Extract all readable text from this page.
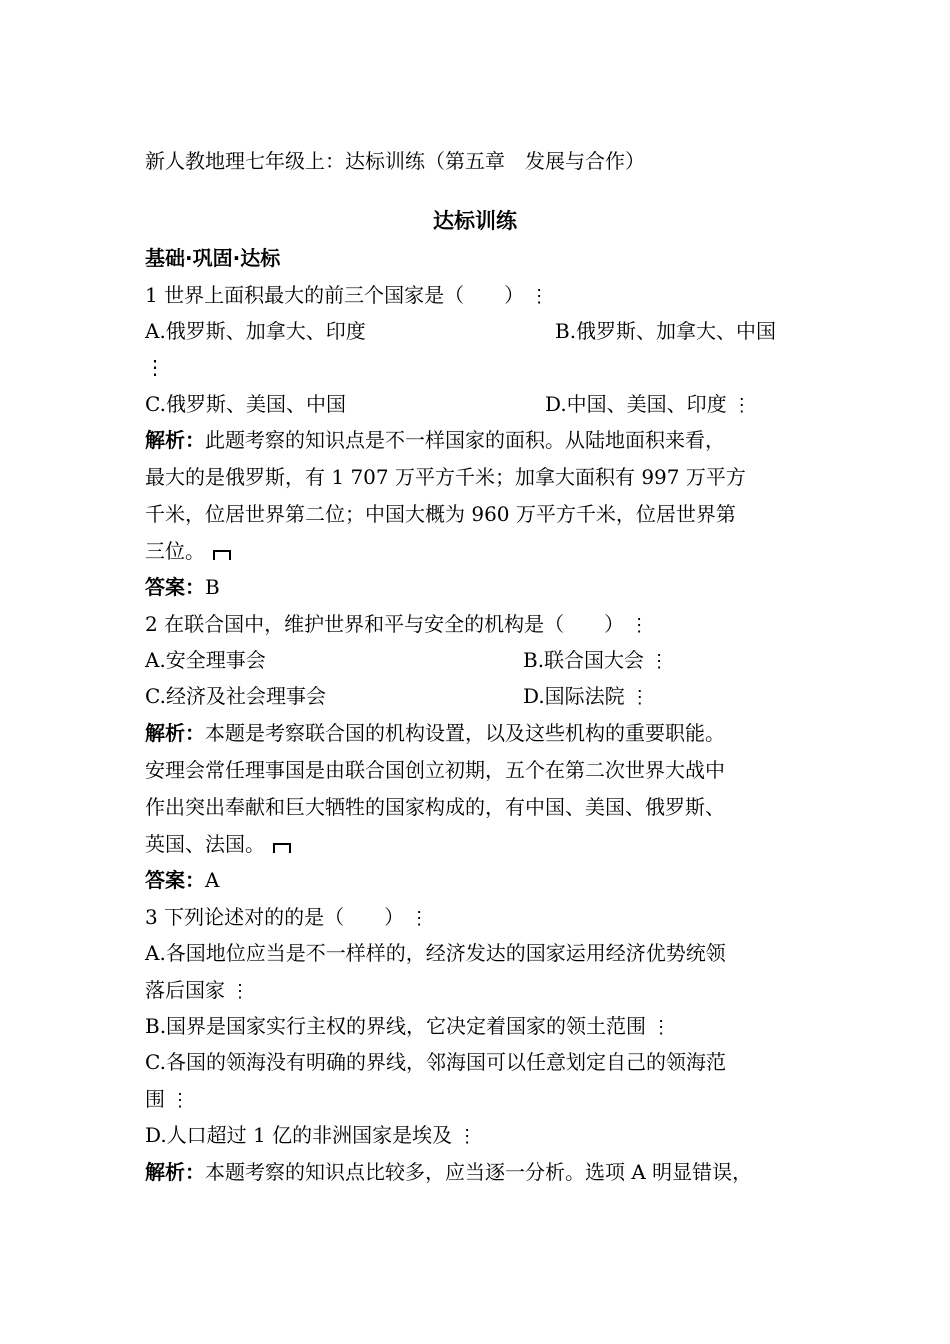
新人教地理七年级上：达标训练（第五章　发展与合作）
达标训练
基础·巩固·达标
1 世界上面积最大的前三个国家是（　　） ⋮
A.俄罗斯、加拿大、印度	B.俄罗斯、加拿大、中国
⋮
C.俄罗斯、美国、中国	D.中国、美国、印度 ⋮
解析：此题考察的知识点是不一样国家的面积。从陆地面积来看，
最大的是俄罗斯，有 1 707 万平方千米；加拿大面积有 997 万平方
千米，位居世界第二位；中国大概为 960 万平方千米，位居世界第
三位。
答案：B
2 在联合国中，维护世界和平与安全的机构是（　　） ⋮
A.安全理事会	B.联合国大会 ⋮
C.经济及社会理事会	D.国际法院 ⋮
解析：本题是考察联合国的机构设置，以及这些机构的重要职能。
安理会常任理事国是由联合国创立初期，五个在第二次世界大战中
作出突出奉献和巨大牺牲的国家构成的，有中国、美国、俄罗斯、
英国、法国。
答案：A
3 下列论述对的的是（　　） ⋮
A.各国地位应当是不一样样的，经济发达的国家运用经济优势统领
落后国家 ⋮
B.国界是国家实行主权的界线，它决定着国家的领土范围 ⋮
C.各国的领海没有明确的界线，邻海国可以任意划定自己的领海范
围 ⋮
D.人口超过 1 亿的非洲国家是埃及 ⋮
解析：本题考察的知识点比较多，应当逐一分析。选项 A 明显错误，
